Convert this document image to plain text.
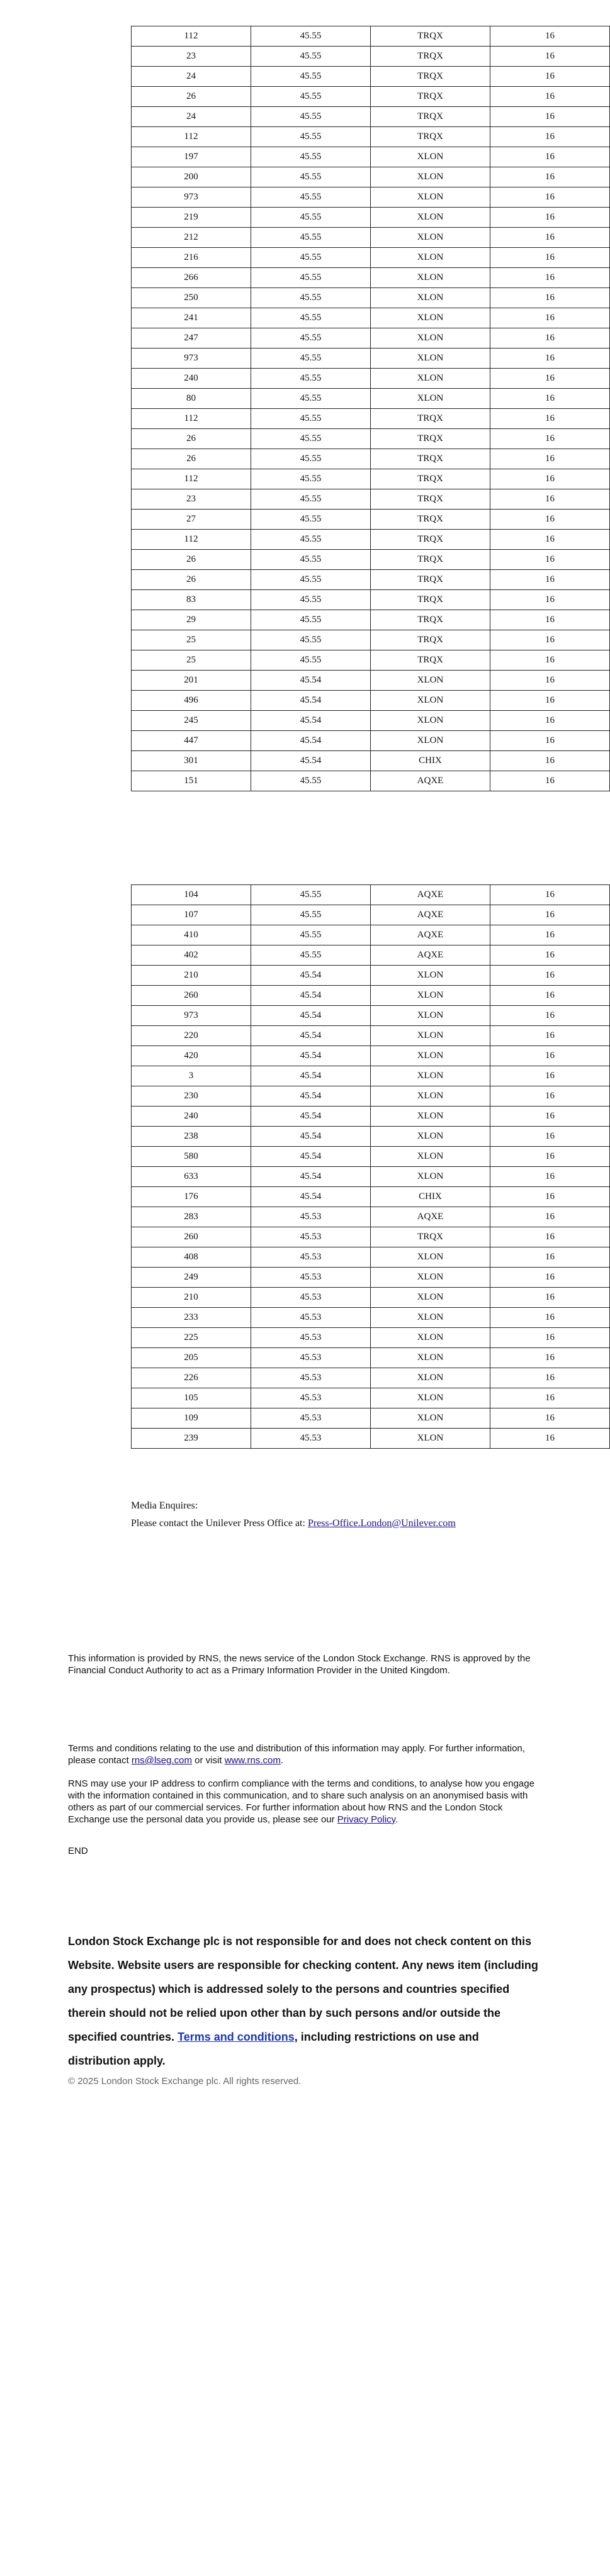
112	45.55	TRQX	16
23	45.55	TRQX	16
24	45.55	TRQX	16
26	45.55	TRQX	16
24	45.55	TRQX	16
112	45.55	TRQX	16
197	45.55	XLON	16
200	45.55	XLON	16
973	45.55	XLON	16
219	45.55	XLON	16
212	45.55	XLON	16
216	45.55	XLON	16
266	45.55	XLON	16
250	45.55	XLON	16
241	45.55	XLON	16
247	45.55	XLON	16
973	45.55	XLON	16
240	45.55	XLON	16
80	45.55	XLON	16
112	45.55	TRQX	16
26	45.55	TRQX	16
26	45.55	TRQX	16
112	45.55	TRQX	16
23	45.55	TRQX	16
27	45.55	TRQX	16
112	45.55	TRQX	16
26	45.55	TRQX	16
26	45.55	TRQX	16
83	45.55	TRQX	16
29	45.55	TRQX	16
25	45.55	TRQX	16
25	45.55	TRQX	16
201	45.54	XLON	16
496	45.54	XLON	16
245	45.54	XLON	16
447	45.54	XLON	16
301	45.54	CHIX	16
151	45.55	AQXE	16
104	45.55	AQXE	16
107	45.55	AQXE	16
410	45.55	AQXE	16
402	45.55	AQXE	16
210	45.54	XLON	16
260	45.54	XLON	16
973	45.54	XLON	16
220	45.54	XLON	16
420	45.54	XLON	16
3	45.54	XLON	16
230	45.54	XLON	16
240	45.54	XLON	16
238	45.54	XLON	16
580	45.54	XLON	16
633	45.54	XLON	16
176	45.54	CHIX	16
283	45.53	AQXE	16
260	45.53	TRQX	16
408	45.53	XLON	16
249	45.53	XLON	16
210	45.53	XLON	16
233	45.53	XLON	16
225	45.53	XLON	16
205	45.53	XLON	16
226	45.53	XLON	16
105	45.53	XLON	16
109	45.53	XLON	16
239	45.53	XLON	16
Media Enquires:
Please contact the Unilever Press Office at: Press-Office.London@Unilever.com

This information is provided by RNS, the news service of the London Stock Exchange. RNS is approved by the Financial Conduct Authority to act as a Primary Information Provider in the United Kingdom.

Terms and conditions relating to the use and distribution of this information may apply. For further information, please contact rns@lseg.com or visit www.rns.com.

RNS may use your IP address to confirm compliance with the terms and conditions, to analyse how you engage with the information contained in this communication, and to share such analysis on an anonymised basis with others as part of our commercial services. For further information about how RNS and the London Stock Exchange use the personal data you provide us, please see our Privacy Policy.

END
London Stock Exchange plc is not responsible for and does not check content on this Website. Website users are responsible for checking content. Any news item (including any prospectus) which is addressed solely to the persons and countries specified therein should not be relied upon other than by such persons and/or outside the specified countries. Terms and conditions, including restrictions on use and distribution apply.
© 2025 London Stock Exchange plc. All rights reserved.
